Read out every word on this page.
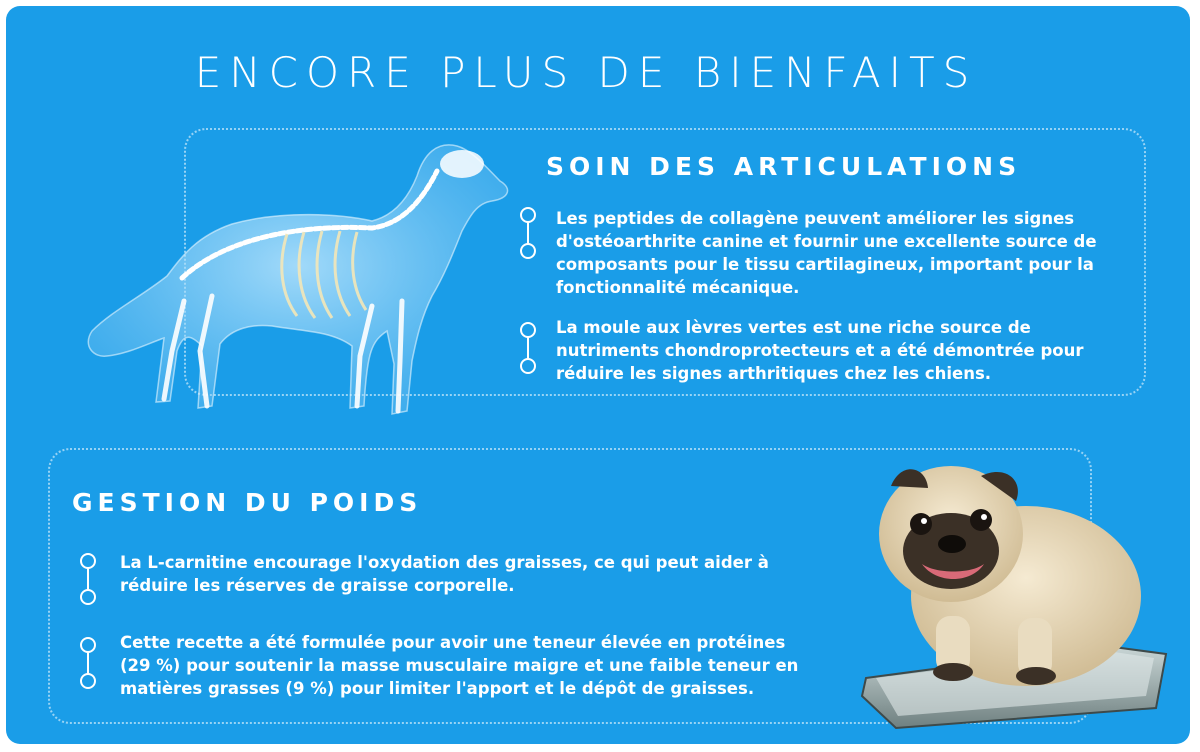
ENCORE PLUS DE BIENFAITS
SOIN DES ARTICULATIONS

Les peptides de collagène peuvent améliorer les signes d'ostéoarthrite canine et fournir une excellente source de composants pour le tissu cartilagineux, important pour la fonctionnalité mécanique.

La moule aux lèvres vertes est une riche source de nutriments chondroprotecteurs et a été démontrée pour réduire les signes arthritiques chez les chiens.

GESTION DU POIDS

La L-carnitine encourage l'oxydation des graisses, ce qui peut aider à réduire les réserves de graisse corporelle.

Cette recette a été formulée pour avoir une teneur élevée en protéines (29 %) pour soutenir la masse musculaire maigre et une faible teneur en matières grasses (9 %) pour limiter l'apport et le dépôt de graisses.
